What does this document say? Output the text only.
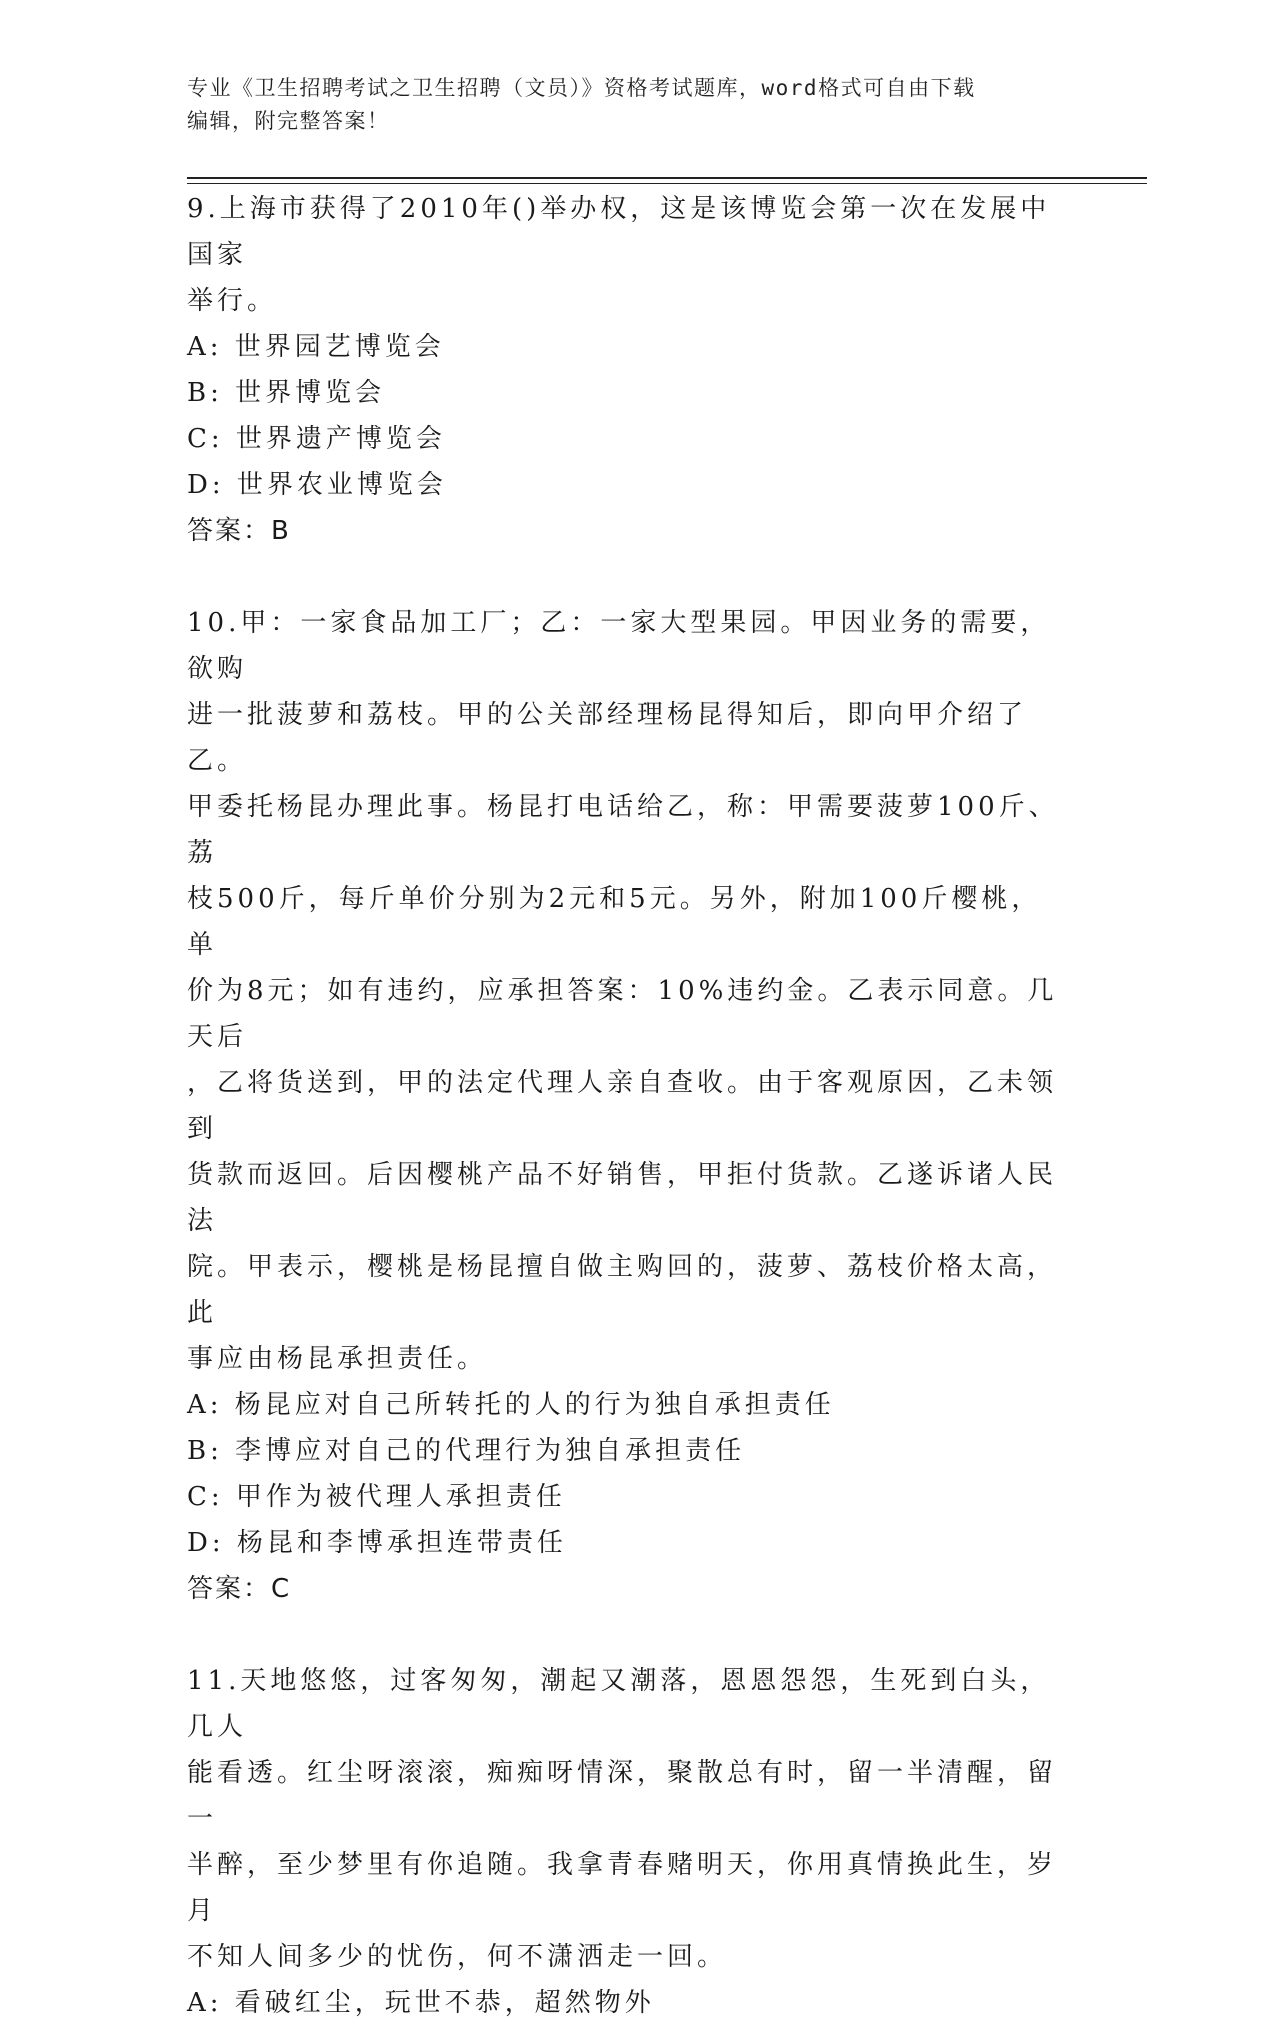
专业《卫生招聘考试之卫生招聘（文员）》资格考试题库，word格式可自由下载
编辑，附完整答案！

9.上海市获得了2010年()举办权，这是该博览会第一次在发展中国家

举行。

A: 世界园艺博览会

B: 世界博览会

C: 世界遗产博览会

D: 世界农业博览会

答案：B

10.甲：一家食品加工厂；乙：一家大型果园。甲因业务的需要，欲购

进一批菠萝和荔枝。甲的公关部经理杨昆得知后，即向甲介绍了乙。

甲委托杨昆办理此事。杨昆打电话给乙，称：甲需要菠萝100斤、荔

枝500斤，每斤单价分别为2元和5元。另外，附加100斤樱桃，单

价为8元；如有违约，应承担答案：10%违约金。乙表示同意。几天后

，乙将货送到，甲的法定代理人亲自查收。由于客观原因，乙未领到

货款而返回。后因樱桃产品不好销售，甲拒付货款。乙遂诉诸人民法

院。甲表示，樱桃是杨昆擅自做主购回的，菠萝、荔枝价格太高，此

事应由杨昆承担责任。

A: 杨昆应对自己所转托的人的行为独自承担责任

B: 李博应对自己的代理行为独自承担责任

C: 甲作为被代理人承担责任

D: 杨昆和李博承担连带责任

答案：C

11.天地悠悠，过客匆匆，潮起又潮落，恩恩怨怨，生死到白头，几人

能看透。红尘呀滚滚，痴痴呀情深，聚散总有时，留一半清醒，留一

半醉，至少梦里有你追随。我拿青春赌明天，你用真情换此生，岁月

不知人间多少的忧伤，何不潇洒走一回。

A: 看破红尘，玩世不恭，超然物外
